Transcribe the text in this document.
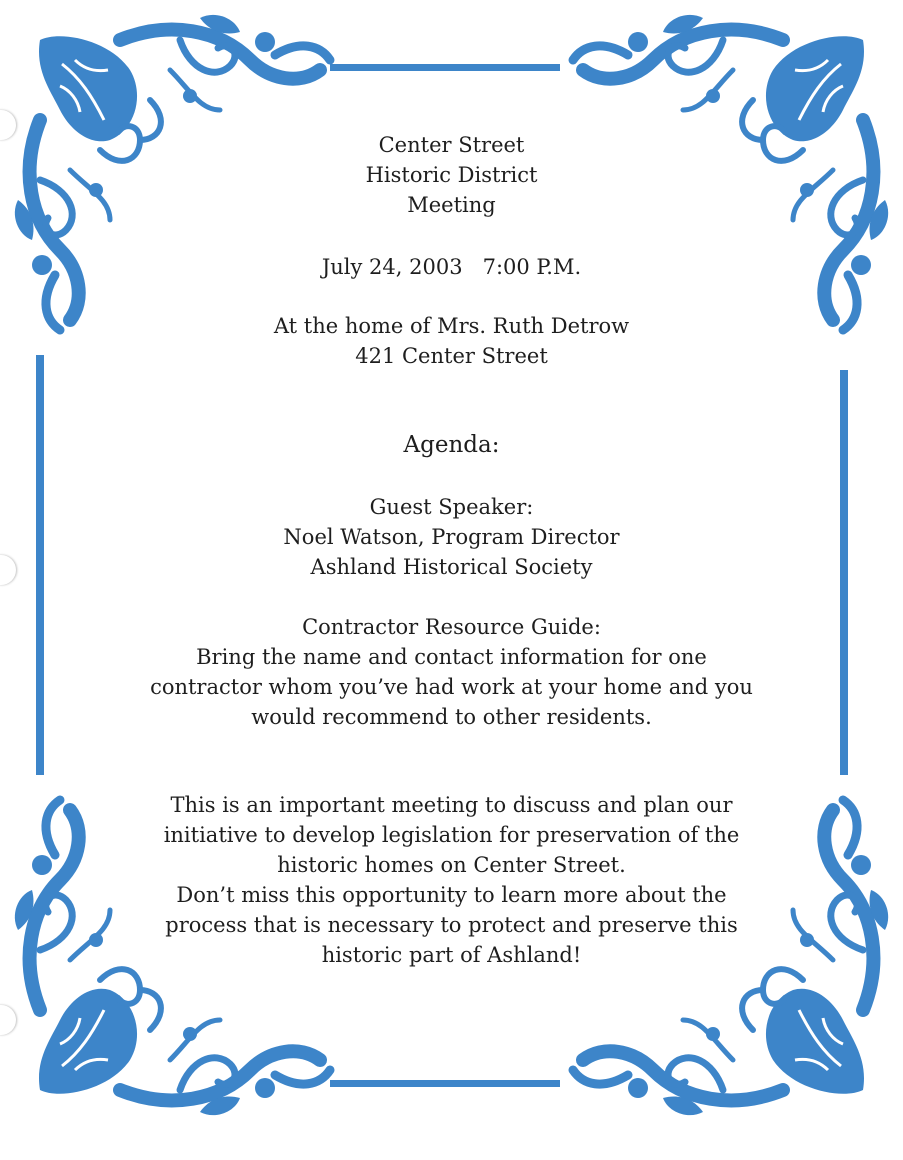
Center Street
Historic District
Meeting
July 24, 2003   7:00 P.M.
At the home of Mrs. Ruth Detrow
421 Center Street
Agenda:
Guest Speaker:
Noel Watson, Program Director
Ashland Historical Society
Contractor Resource Guide:
Bring the name and contact information for one
contractor whom you’ve had work at your home and you
would recommend to other residents.
This is an important meeting to discuss and plan our
initiative to develop legislation for preservation of the
historic homes on Center Street.
Don’t miss this opportunity to learn more about the
process that is necessary to protect and preserve this
historic part of Ashland!
